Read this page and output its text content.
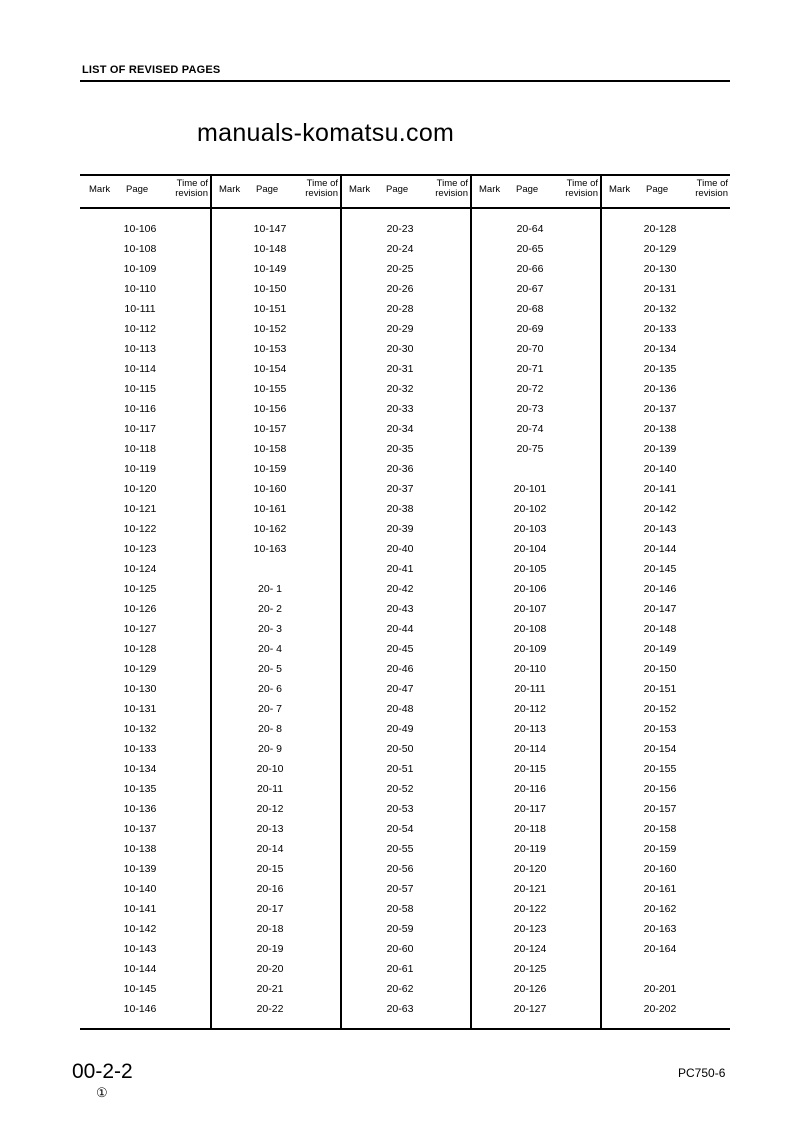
LIST OF REVISED PAGES
Mark Page
Time of
revision
10-106
10-108
10-109
10-110
10-111
10-112
10-113
10-114
10-115
10-116
10-117
10-118
10-119
10-120
10-121
10-122
10-123
10-124
10-125
10-126
10-127
10-128
10-129
10-130
10-131
10-132
10-133
10-134
10-135
10-136
10-137
10-138
10-139
10-140
10-141
10-142
10-143
10-144
10-145
10-146
Mark Page
Time of
revision
10-147
10-148
10-149
10-150
10-151
10-152
10-153
10-154
10-155
10-156
10-157
10-158
10-159
10-160
10-161
10-162
10-163
20- 1
20- 2
20- 3
20- 4
20- 5
20- 6
20- 7
20- 8
20- 9
20-10
20-11
20-12
20-13
20-14
20-15
20-16
20-17
20-18
20-19
20-20
20-21
20-22
Mark Page
Time of
revision
20-23
20-24
20-25
20-26
20-28
20-29
20-30
20-31
20-32
20-33
20-34
20-35
20-36
20-37
20-38
20-39
20-40
20-41
20-42
20-43
20-44
20-45
20-46
20-47
20-48
20-49
20-50
20-51
20-52
20-53
20-54
20-55
20-56
20-57
20-58
20-59
20-60
20-61
20-62
20-63
Mark Page
Time of
revision
20-64
20-65
20-66
20-67
20-68
20-69
20-70
20-71
20-72
20-73
20-74
20-75
20-101
20-102
20-103
20-104
20-105
20-106
20-107
20-108
20-109
20-110
20-111
20-112
20-113
20-114
20-115
20-116
20-117
20-118
20-119
20-120
20-121
20-122
20-123
20-124
20-125
20-126
20-127
Mark Page
Time of
revision
20-128
20-129
20-130
20-131
20-132
20-133
20-134
20-135
20-136
20-137
20-138
20-139
20-140
20-141
20-142
20-143
20-144
20-145
20-146
20-147
20-148
20-149
20-150
20-151
20-152
20-153
20-154
20-155
20-156
20-157
20-158
20-159
20-160
20-161
20-162
20-163
20-164
20-201
20-202
manuals-komatsu.com
00-2-2
①
PC750-6
